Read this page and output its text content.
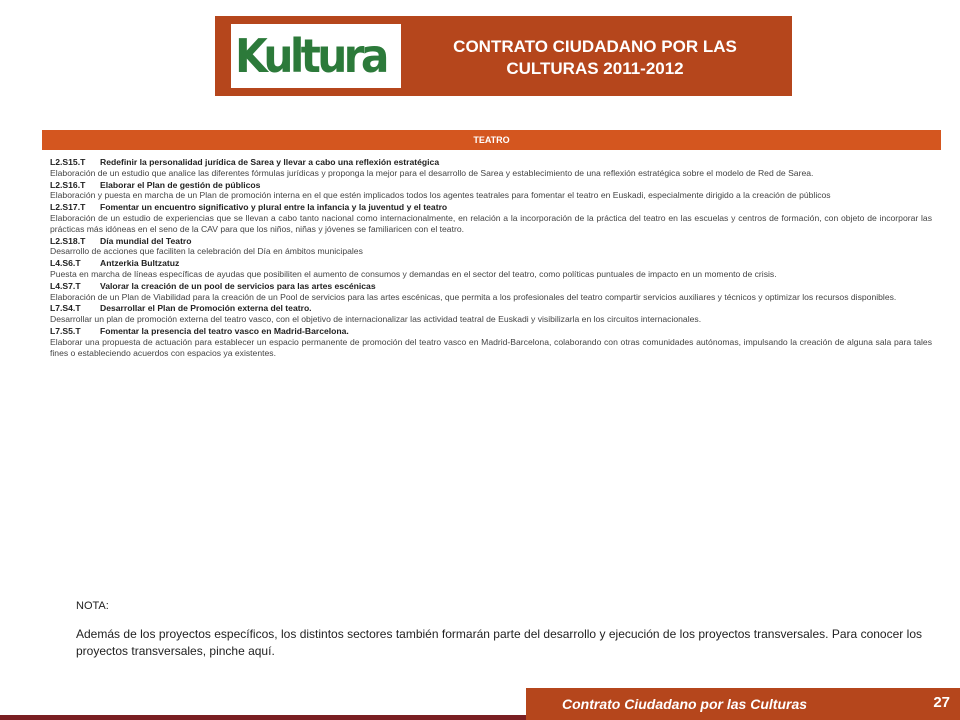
Kultura	CONTRATO CIUDADANO POR LAS
CULTURAS 2011-2012
TEATRO
L2.S15.T Redefinir la personalidad jurídica de Sarea y llevar a cabo una reflexión estratégica
Elaboración de un estudio que analice las diferentes fórmulas jurídicas y proponga la mejor para el desarrollo de Sarea y establecimiento de una reflexión estratégica sobre el modelo de Red de Sarea.
L2.S16.T Elaborar el Plan de gestión de públicos
Elaboración y puesta en marcha de un Plan de promoción interna en el que estén implicados todos los agentes teatrales para fomentar el teatro en Euskadi, especialmente dirigido a la creación de públicos
L2.S17.T Fomentar un encuentro significativo y plural entre la infancia y la juventud y el teatro
Elaboración de un estudio de experiencias que se llevan a cabo tanto nacional como internacionalmente, en relación a la incorporación de la práctica del teatro en las escuelas y centros de formación, con objeto de incorporar las prácticas más idóneas en el seno de la CAV para que los niños, niñas y jóvenes se familiaricen con el teatro.
L2.S18.T Día mundial del Teatro
Desarrollo de acciones que faciliten la celebración del Día en ámbitos municipales
L4.S6.T Antzerkia Bultzatuz
Puesta en marcha de líneas específicas de ayudas que posibiliten el aumento de consumos y demandas en el sector del teatro, como políticas puntuales de impacto en un momento de crisis.
L4.S7.T Valorar la creación de un pool de servicios para las artes escénicas
Elaboración de un Plan de Viabilidad para la creación de un Pool de servicios para las artes escénicas, que permita a los profesionales del teatro compartir servicios auxiliares y técnicos y optimizar los recursos disponibles.
L7.S4.T Desarrollar el Plan de Promoción externa del teatro.
Desarrollar un plan de promoción externa del teatro vasco, con el objetivo de internacionalizar las actividad teatral de Euskadi y visibilizarla en los circuitos internacionales.
L7.S5.T Fomentar la presencia del teatro vasco en Madrid-Barcelona.
Elaborar una propuesta de actuación para establecer un espacio permanente de promoción del teatro vasco en Madrid-Barcelona, colaborando con otras comunidades autónomas, impulsando la creación de alguna sala para tales fines o estableciendo acuerdos con espacios ya existentes.
NOTA:
Además de los proyectos específicos, los distintos sectores también formarán parte del desarrollo y ejecución de los proyectos transversales. Para conocer los proyectos transversales, pinche aquí.
Contrato Ciudadano por las Culturas	27
